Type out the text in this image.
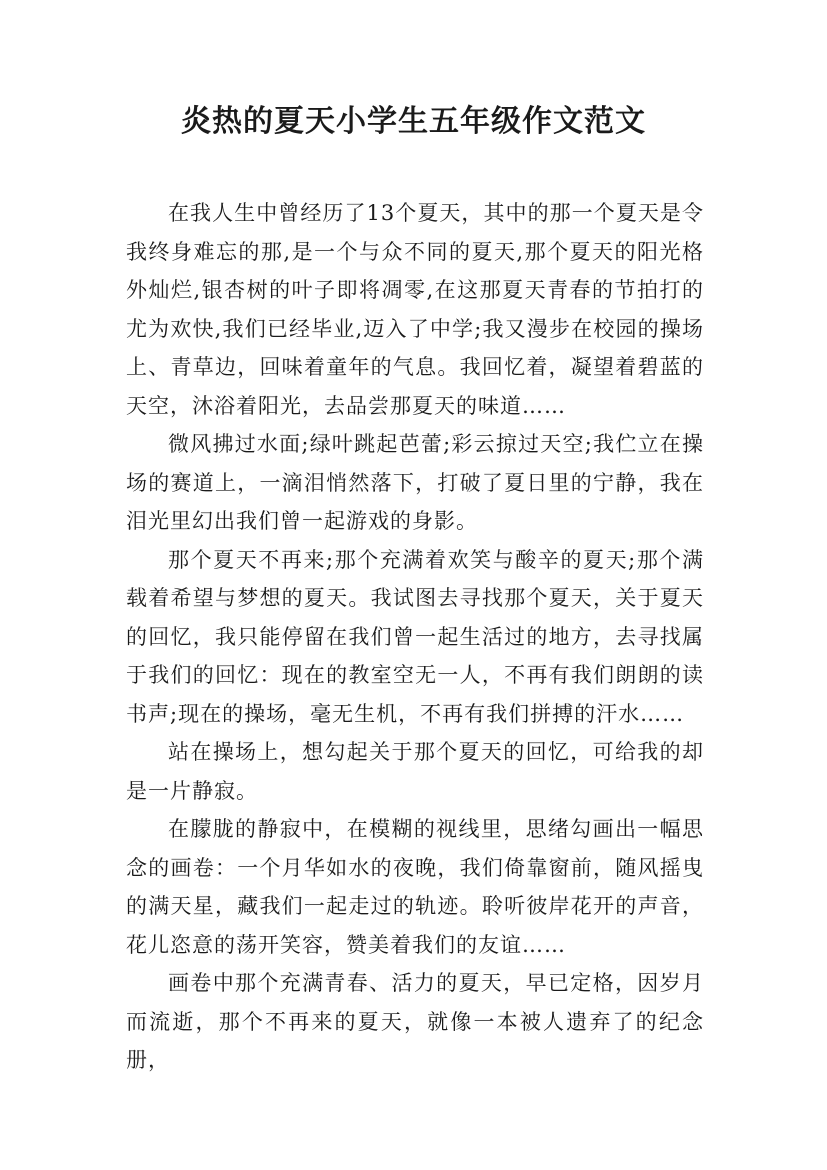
炎热的夏天小学生五年级作文范文

在我人生中曾经历了13个夏天，其中的那一个夏天是令我终身难忘的那,是一个与众不同的夏天,那个夏天的阳光格外灿烂,银杏树的叶子即将凋零,在这那夏天青春的节拍打的尤为欢快,我们已经毕业,迈入了中学;我又漫步在校园的操场上、青草边，回味着童年的气息。我回忆着，凝望着碧蓝的天空，沐浴着阳光，去品尝那夏天的味道……

微风拂过水面;绿叶跳起芭蕾;彩云掠过天空;我伫立在操场的赛道上，一滴泪悄然落下，打破了夏日里的宁静，我在泪光里幻出我们曾一起游戏的身影。

那个夏天不再来;那个充满着欢笑与酸辛的夏天;那个满载着希望与梦想的夏天。我试图去寻找那个夏天，关于夏天的回忆，我只能停留在我们曾一起生活过的地方，去寻找属于我们的回忆：现在的教室空无一人，不再有我们朗朗的读书声;现在的操场，毫无生机，不再有我们拼搏的汗水……

站在操场上，想勾起关于那个夏天的回忆，可给我的却是一片静寂。

在朦胧的静寂中，在模糊的视线里，思绪勾画出一幅思念的画卷：一个月华如水的夜晚，我们倚靠窗前，随风摇曳的满天星，藏我们一起走过的轨迹。聆听彼岸花开的声音，花儿恣意的荡开笑容，赞美着我们的友谊……

画卷中那个充满青春、活力的夏天，早已定格，因岁月而流逝，那个不再来的夏天，就像一本被人遗弃了的纪念册，
